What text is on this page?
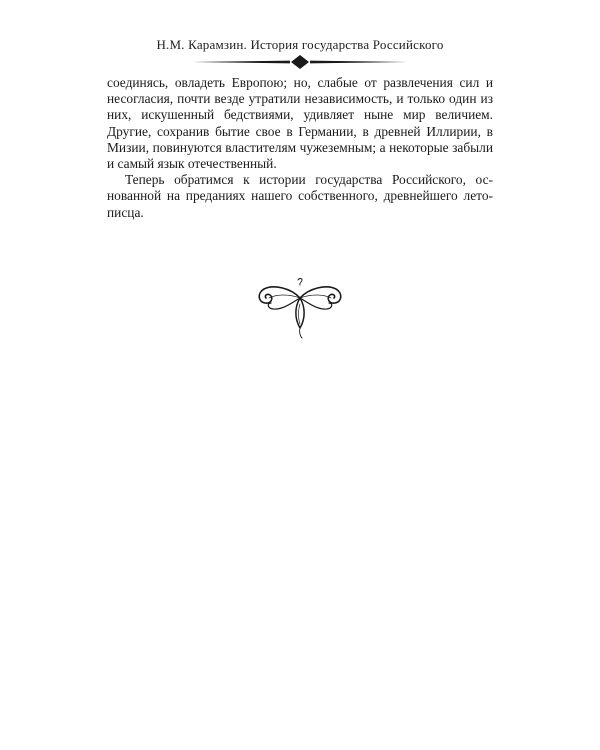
Н.М. Карамзин. История государства Российского

соединясь, овладеть Европою; но, слабые от развлечения сил и несогласия, почти везде утратили независимость, и только один из них, искушенный бедствиями, удивляет ныне мир величием. Другие, сохранив бытие свое в Германии, в древней Иллирии, в Мизии, повинуются властителям чужеземным; а некоторые забыли и самый язык отечественный.

Теперь обратимся к истории государства Российского, основанной на преданиях нашего собственного, древнейшего летописца.
